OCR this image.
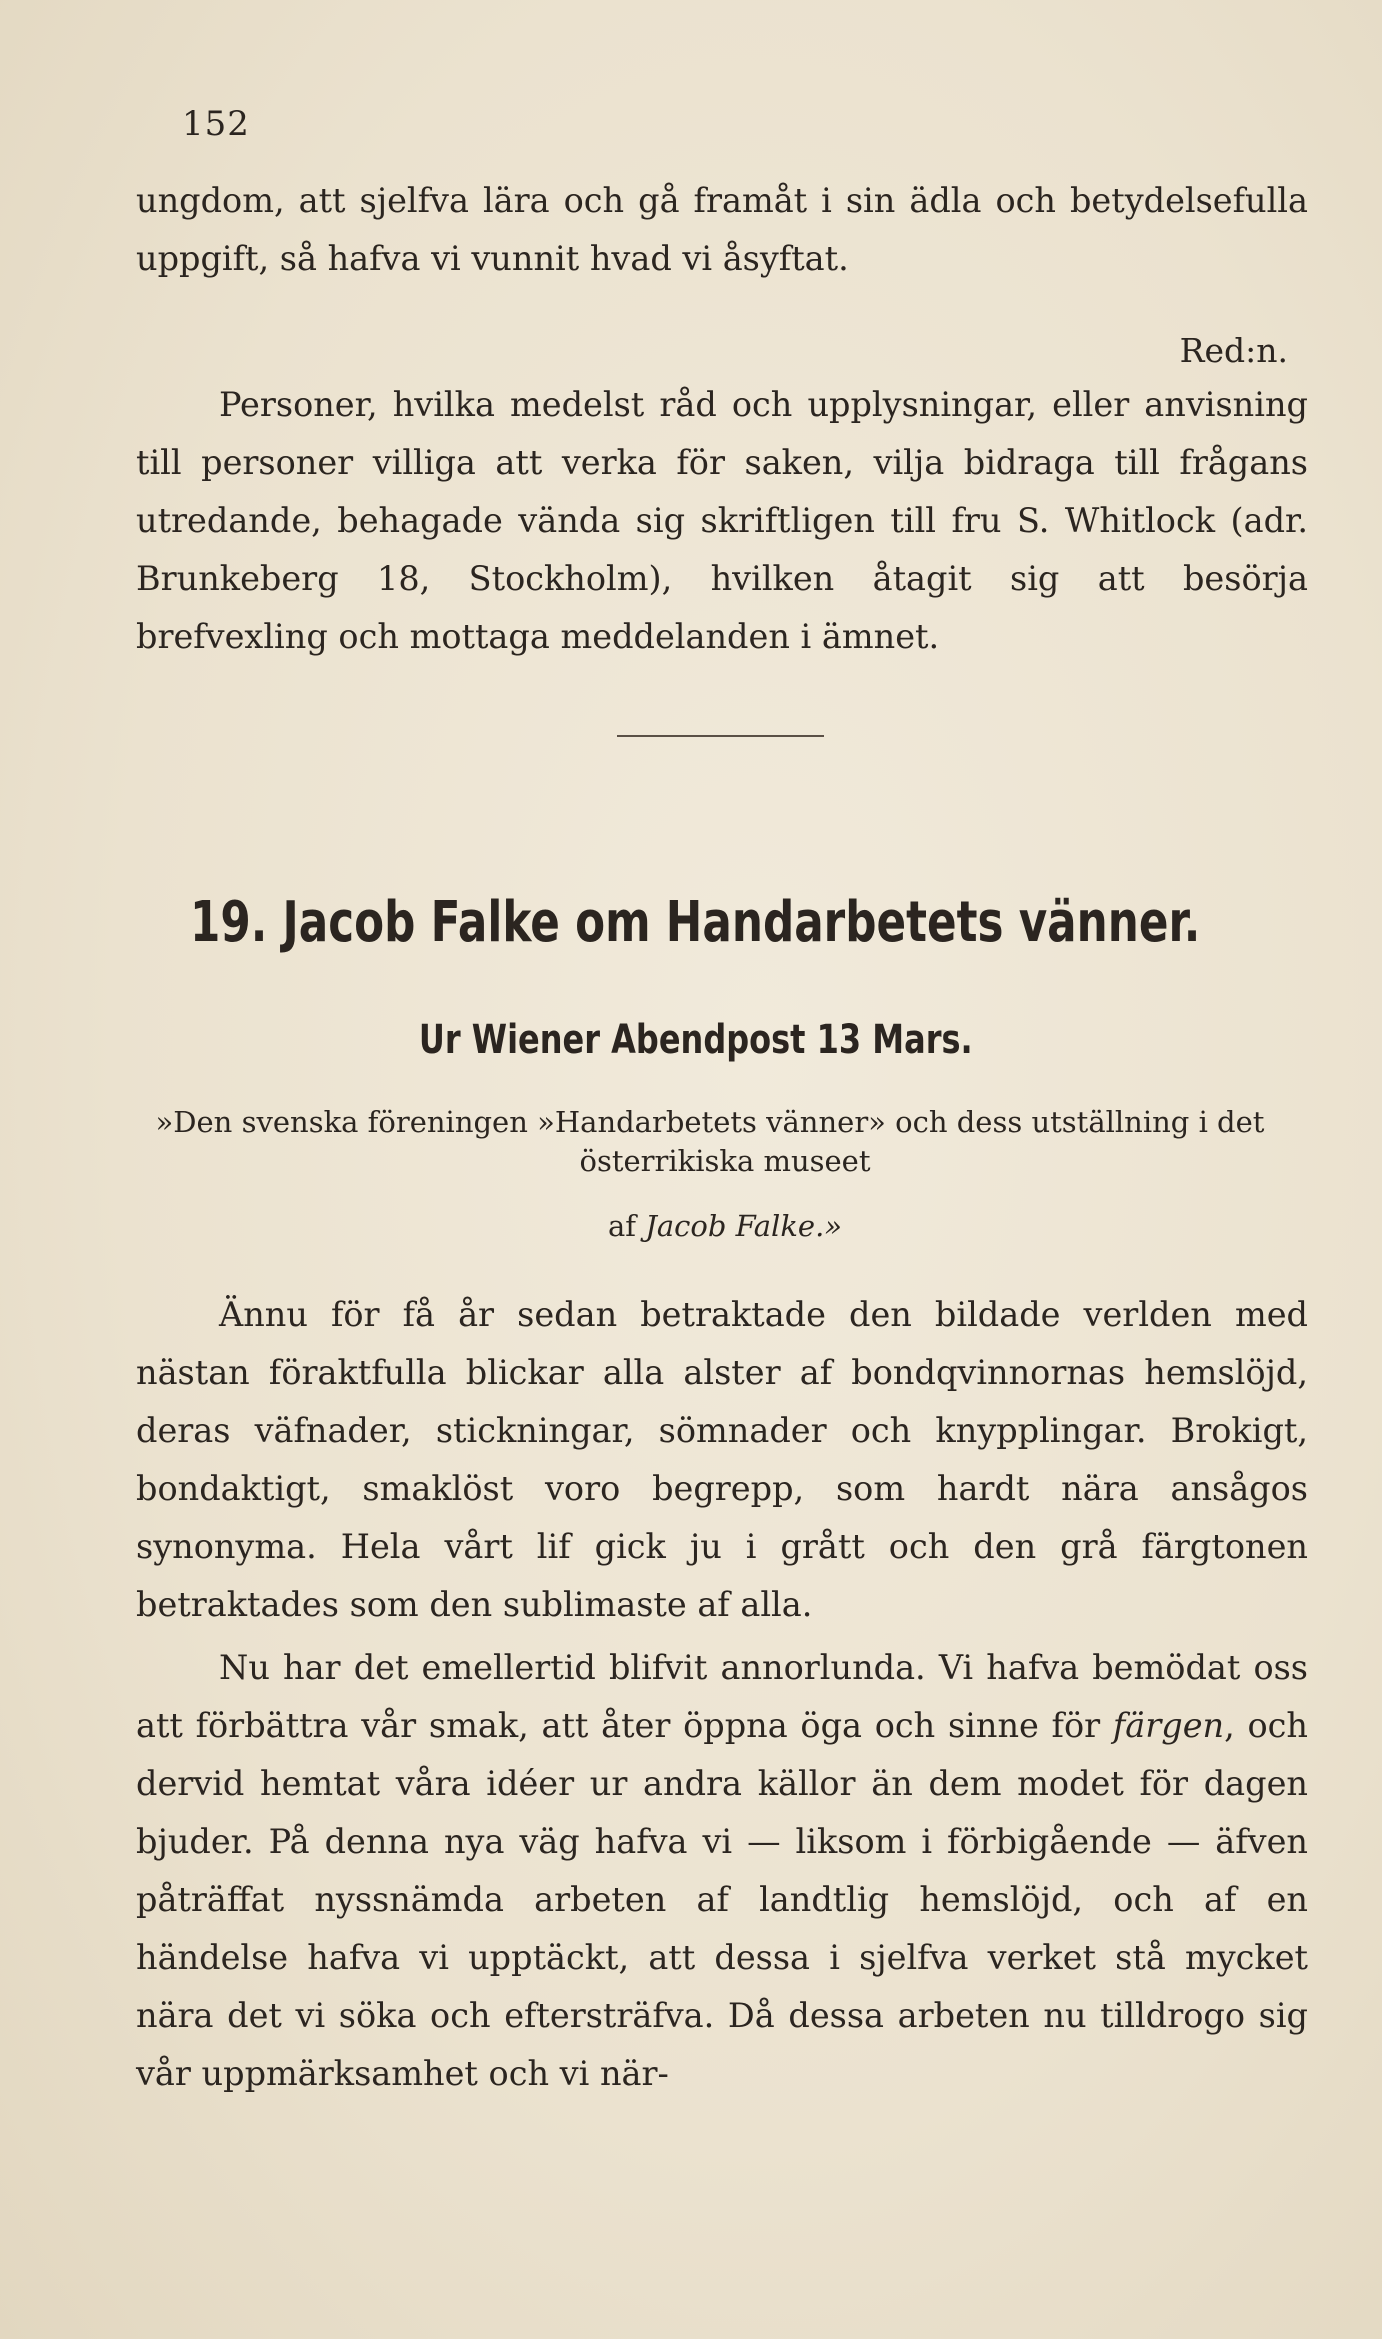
152

ungdom, att sjelfva lära och gå framåt i sin ädla och betydelsefulla uppgift, så hafva vi vunnit hvad vi åsyftat.

Red:n.

Personer, hvilka medelst råd och upplysningar, eller anvisning till personer villiga att verka för saken, vilja bidraga till frågans utredande, behagade vända sig skriftligen till fru S. Whitlock (adr. Brunkeberg 18, Stockholm), hvilken åtagit sig att besörja brefvexling och mottaga meddelanden i ämnet.

19. Jacob Falke om Handarbetets vänner.
Ur Wiener Abendpost 13 Mars.
»Den svenska föreningen »Handarbetets vänner» och dess utställning i det
österrikiska museet
af Jacob Falke.»

Ännu för få år sedan betraktade den bildade verlden med nästan föraktfulla blickar alla alster af bondqvinnornas hemslöjd, deras väfnader, stickningar, sömnader och knypplingar. Brokigt, bondaktigt, smaklöst voro begrepp, som hardt nära ansågos synonyma. Hela vårt lif gick ju i grått och den grå färgtonen betraktades som den sublimaste af alla.

Nu har det emellertid blifvit annorlunda. Vi hafva bemödat oss att förbättra vår smak, att åter öppna öga och sinne för färgen, och dervid hemtat våra idéer ur andra källor än dem modet för dagen bjuder. På denna nya väg hafva vi — liksom i förbigående — äfven påträffat nyssnämda arbeten af landtlig hemslöjd, och af en händelse hafva vi upptäckt, att dessa i sjelfva verket stå mycket nära det vi söka och eftersträfva. Då dessa arbeten nu tilldrogo sig vår uppmärksamhet och vi när-
